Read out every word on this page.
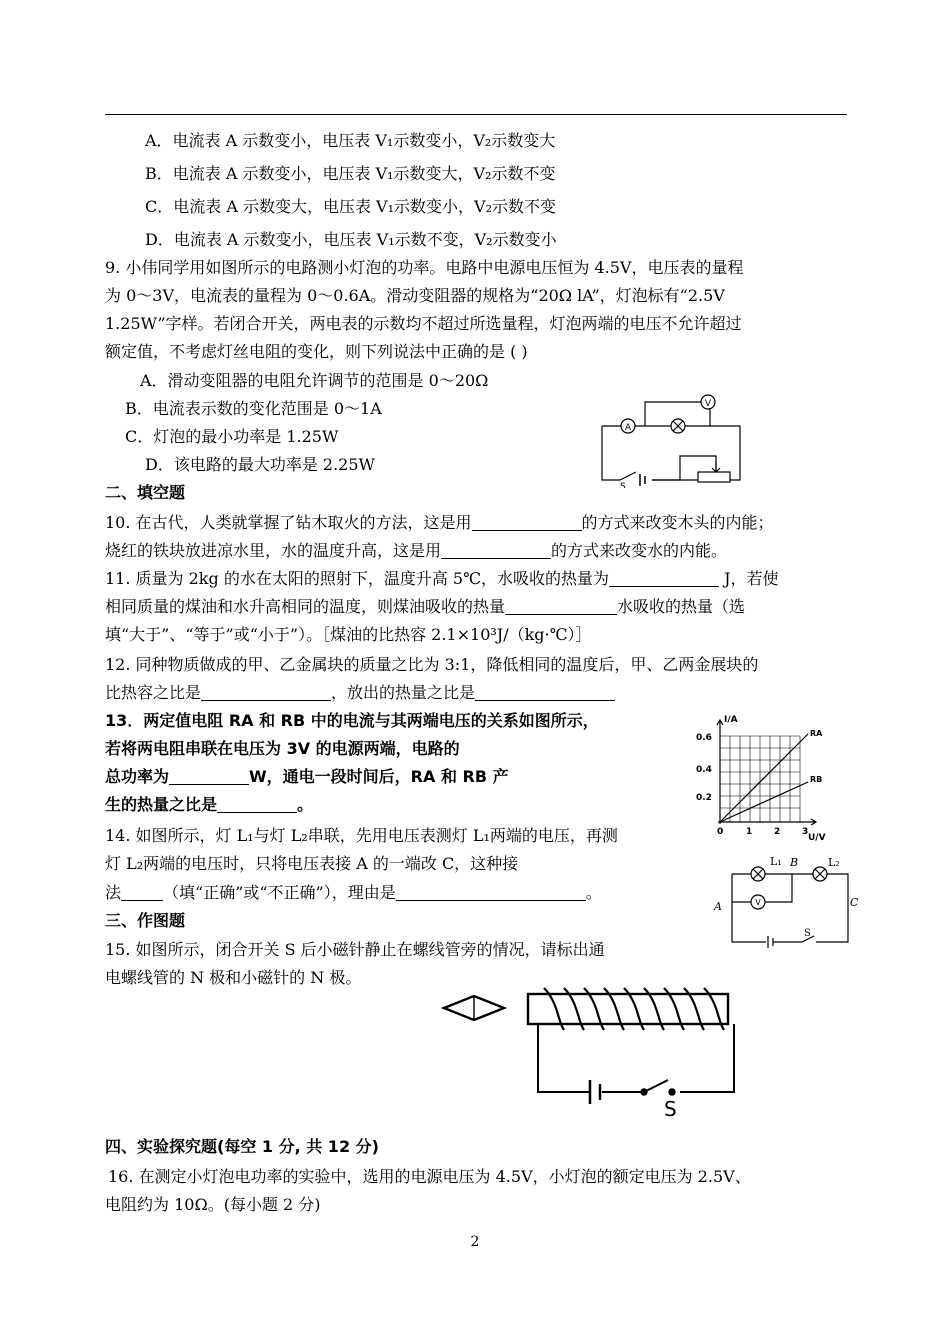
A．电流表 A 示数变小，电压表 V₁示数变小，V₂示数变大
B．电流表 A 示数变小，电压表 V₁示数变大，V₂示数不变
C．电流表 A 示数变大，电压表 V₁示数变小，V₂示数不变
D．电流表 A 示数变小，电压表 V₁示数不变，V₂示数变小
9. 小伟同学用如图所示的电路测小灯泡的功率。电路中电源电压恒为 4.5V，电压表的量程
为 0～3V，电流表的量程为 0～0.6A。滑动变阻器的规格为“20Ω lA”，灯泡标有“2.5V
1.25W”字样。若闭合开关，两电表的示数均不超过所选量程，灯泡两端的电压不允许超过
额定值，不考虑灯丝电阻的变化，则下列说法中正确的是 ( )
A．滑动变阻器的电阻允许调节的范围是 0～20Ω
B．电流表示数的变化范围是 0～1A
C．灯泡的最小功率是 1.25W
D．该电路的最大功率是 2.25W
A
V
S
二、填空题
10. 在古代，人类就掌握了钻木取火的方法，这是用	的方式来改变木头的内能；
烧红的铁块放进凉水里，水的温度升高，这是用	的方式来改变水的内能。
11. 质量为 2kg 的水在太阳的照射下，温度升高 5℃，水吸收的热量为	J，若使
相同质量的煤油和水升高相同的温度，则煤油吸收的热量	水吸收的热量（选
填“大于”、“等于”或“小于”）。［煤油的比热容 2.1×10³J/（kg·℃）］
12. 同种物质做成的甲、乙金属块的质量之比为 3:1，降低相同的温度后，甲、乙两金展块的
比热容之比是	，放出的热量之比是
13．两定值电阻 RA 和 RB 中的电流与其两端电压的关系如图所示，
若将两电阻串联在电压为 3V 的电源两端，电路的
总功率为	W，通电一段时间后，RA 和 RB 产
生的热量之比是	。
I/A
U/V
0.2
0.4
0.6
0	1 2 3
RA
RB
14. 如图所示，灯 L₁与灯 L₂串联，先用电压表测灯 L₁两端的电压，再测
灯 L₂两端的电压时，只将电压表接 A 的一端改 C，这种接
法	（填“正确”或“不正确”），理由是	。
L₁	L₂
B
A	C
S
V
三、作图题
15. 如图所示，闭合开关 S 后小磁针静止在螺线管旁的情况，请标出通
电螺线管的 N 极和小磁针的 N 极。
S
四、实验探究题(每空 1 分, 共 12 分)
16. 在测定小灯泡电功率的实验中，选用的电源电压为 4.5V，小灯泡的额定电压为 2.5V、
电阻约为 10Ω。(每小题 2 分)
2
